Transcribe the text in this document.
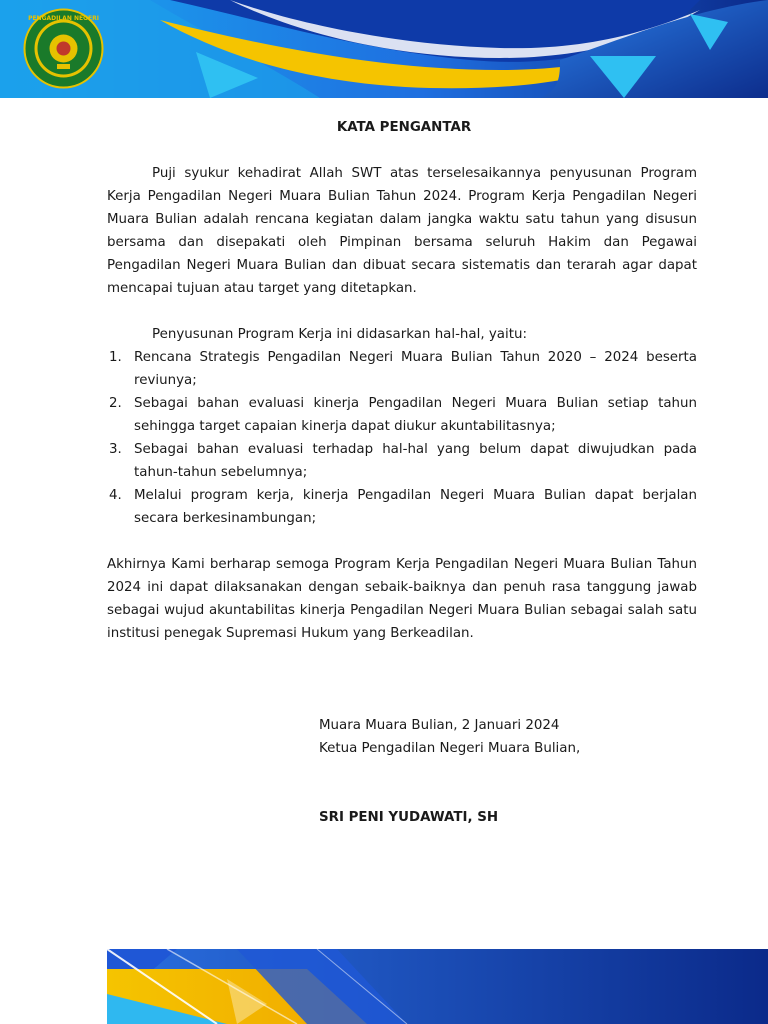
PENGADILAN NEGERI
KATA PENGANTAR

Puji syukur kehadirat Allah SWT atas terselesaikannya penyusunan Program Kerja Pengadilan Negeri Muara Bulian Tahun 2024. Program Kerja Pengadilan Negeri Muara Bulian adalah rencana kegiatan dalam jangka waktu satu tahun yang disusun bersama dan disepakati oleh Pimpinan bersama seluruh Hakim dan Pegawai Pengadilan Negeri Muara Bulian dan dibuat secara sistematis dan terarah agar dapat mencapai tujuan atau target yang ditetapkan.

Penyusunan Program Kerja ini didasarkan hal-hal, yaitu:

1. Rencana Strategis Pengadilan Negeri Muara Bulian Tahun 2020 – 2024 beserta reviunya;
2. Sebagai bahan evaluasi kinerja Pengadilan Negeri Muara Bulian setiap tahun sehingga target capaian kinerja dapat diukur akuntabilitasnya;
3. Sebagai bahan evaluasi terhadap hal-hal yang belum dapat diwujudkan pada tahun-tahun sebelumnya;
4. Melalui program kerja, kinerja Pengadilan Negeri Muara Bulian dapat berjalan secara berkesinambungan;

Akhirnya Kami berharap semoga Program Kerja Pengadilan Negeri Muara Bulian Tahun 2024 ini dapat dilaksanakan dengan sebaik-baiknya dan penuh rasa tanggung jawab sebagai wujud akuntabilitas kinerja Pengadilan Negeri Muara Bulian sebagai salah satu institusi penegak Supremasi Hukum yang Berkeadilan.

Muara Muara Bulian, 2 Januari 2024
Ketua Pengadilan Negeri Muara Bulian,
SRI PENI YUDAWATI, SH
